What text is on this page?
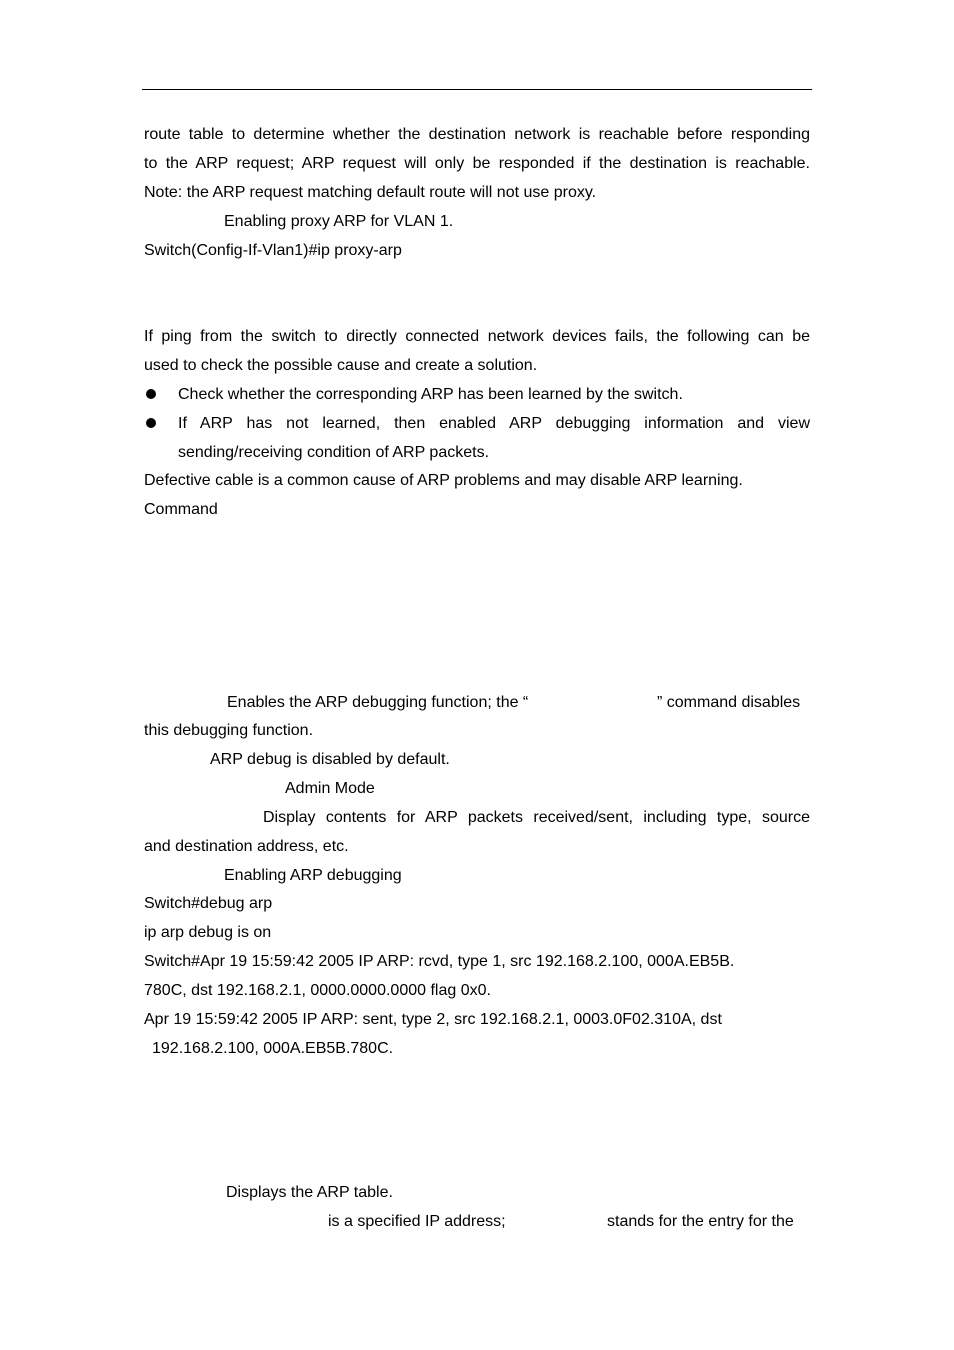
route table to determine whether the destination network is reachable before responding
to the ARP request; ARP request will only be responded if the destination is reachable.
Note: the ARP request matching default route will not use proxy.
Enabling proxy ARP for VLAN 1.
Switch(Config-If-Vlan1)#ip proxy-arp
If ping from the switch to directly connected network devices fails, the following can be
used to check the possible cause and create a solution.
Check whether the corresponding ARP has been learned by the switch.
If ARP has not learned, then enabled ARP debugging information and view
sending/receiving condition of ARP packets.
Defective cable is a common cause of ARP problems and may disable ARP learning.
Command
Enables the ARP debugging function; the “	” command disables
this debugging function.
ARP debug is disabled by default.
Admin Mode
Display contents for ARP packets received/sent, including type, source
and destination address, etc.
Enabling ARP debugging
Switch#debug arp
ip arp debug is on
Switch#Apr 19 15:59:42 2005 IP ARP: rcvd, type 1, src 192.168.2.100, 000A.EB5B.
780C, dst 192.168.2.1, 0000.0000.0000 flag 0x0.
Apr 19 15:59:42 2005 IP ARP: sent, type 2, src 192.168.2.1, 0003.0F02.310A, dst
192.168.2.100, 000A.EB5B.780C.
Displays the ARP table.
is a specified IP address;	stands for the entry for the
